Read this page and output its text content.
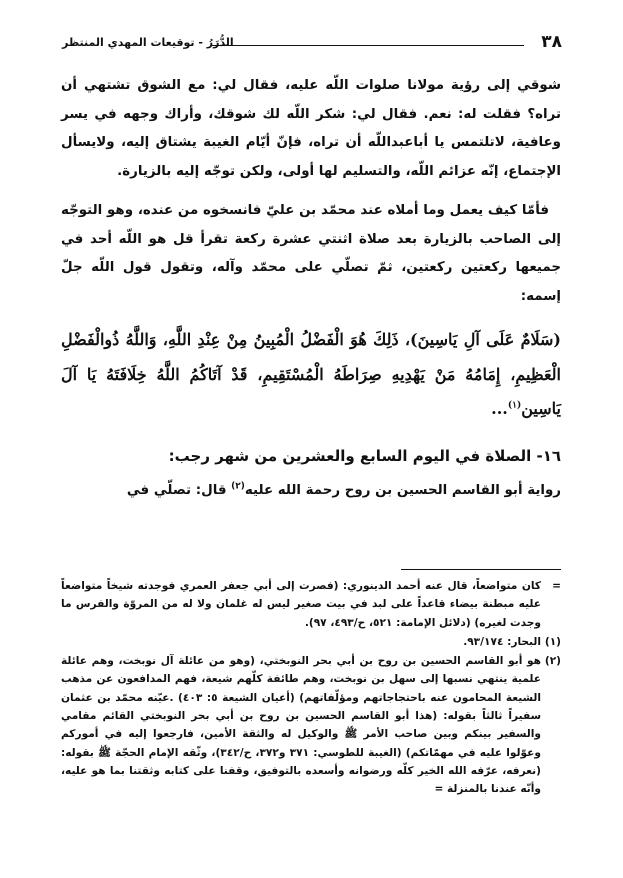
٣٨
الدُّرَرُ - توقيعات المهدي المنتظر

شوقي إلى رؤية مولانا صلوات اللّه عليه، فقال لي: مع الشوق تشتهي أن تراه؟ فقلت له: نعم. فقال لي: شكر اللّه لك شوقك، وأراك وجهه في يسر وعافية، لاتلتمس يا أباعبداللّه أن تراه، فإنّ أيّام الغيبة يشتاق إليه، ولايسأل الإجتماع، إنّه عزائم اللّه، والتسليم لها أولى، ولكن توجّه إليه بالزيارة.

فأمّا كيف يعمل وما أملاه عند محمّد بن عليّ فانسخوه من عنده، وهو التوجّه إلى الصاحب بالزيارة بعد صلاة اثنتي عشرة ركعة تقرأ قل هو اللّه أحد في جميعها ركعتين ركعتين، ثمّ تصلّي على محمّد وآله، وتقول قول اللّه جلّ إسمه:

(سَلَامٌ عَلَى آلِ يَاسِينَ)، ذَلِكَ هُوَ الْفَضْلُ الْمُبِينُ مِنْ عِنْدِ اللَّهِ، وَاللَّهُ ذُوالْفَضْلِ الْعَظِيمِ، إِمَامُهُ مَنْ يَهْدِيهِ صِرَاطَهُ الْمُسْتَقِيمِ، قَدْ آتَاكُمُ اللَّهُ خِلَافَتَهُ يَا آلَ يَاسِين$^{(١)}$...

١٦- الصلاة في اليوم السابع والعشرين من شهر رجب:

رواية أبو القاسم الحسين بن روح رحمة الله عليه$^{(٢)}$ قال: تصلّي في

=
كان متواضعاً، قال عنه أحمد الدينوري: (فصرت إلى أبي جعفر العمري فوجدته شيخاً متواضعاً عليه مبطنة بيضاء قاعداً على لبد في بيت صغير ليس له غلمان ولا له من المروّة والفرس ما وجدت لغيره) (دلائل الإمامة: ٥٢١، ح/٤٩٣، ٩٧).
(١)
البحار: ٩٣/١٧٤.
(٢)
هو أبو القاسم الحسين بن روح بن أبي بحر النوبختي، (وهو من عائلة آل نوبخت، وهم عائلة علمية ينتهي نسبها إلى سهل بن نوبخت، وهم طائفة كلّهم شيعة، فهم المدافعون عن مذهب الشيعة المحامون عنه باحتجاجاتهم ومؤلّفاتهم) (أعيان الشيعة ٥: ٤٠٣) .عيّنه محمّد بن عثمان سفيراً ثالثاً بقوله: (هذا أبو القاسم الحسين بن روح بن أبي بحر النوبختي القائم مقامي والسفير بينكم وبين صاحب الأمر ﷺ والوكيل له والثقة الأمين، فارجعوا إليه في أموركم وعوّلوا عليه في مهمّاتكم) (الغيبة للطوسي: ٣٧١ و٣٧٢، ح/٣٤٢)، وثّقه الإمام الحجّة ﷺ بقوله: (نعرفه، عرّفه الله الخير كلّه ورضوانه وأسعده بالتوفيق، وقفنا على كتابه وثقتنا بما هو عليه، وأنّه عندنا بالمنزلة =
